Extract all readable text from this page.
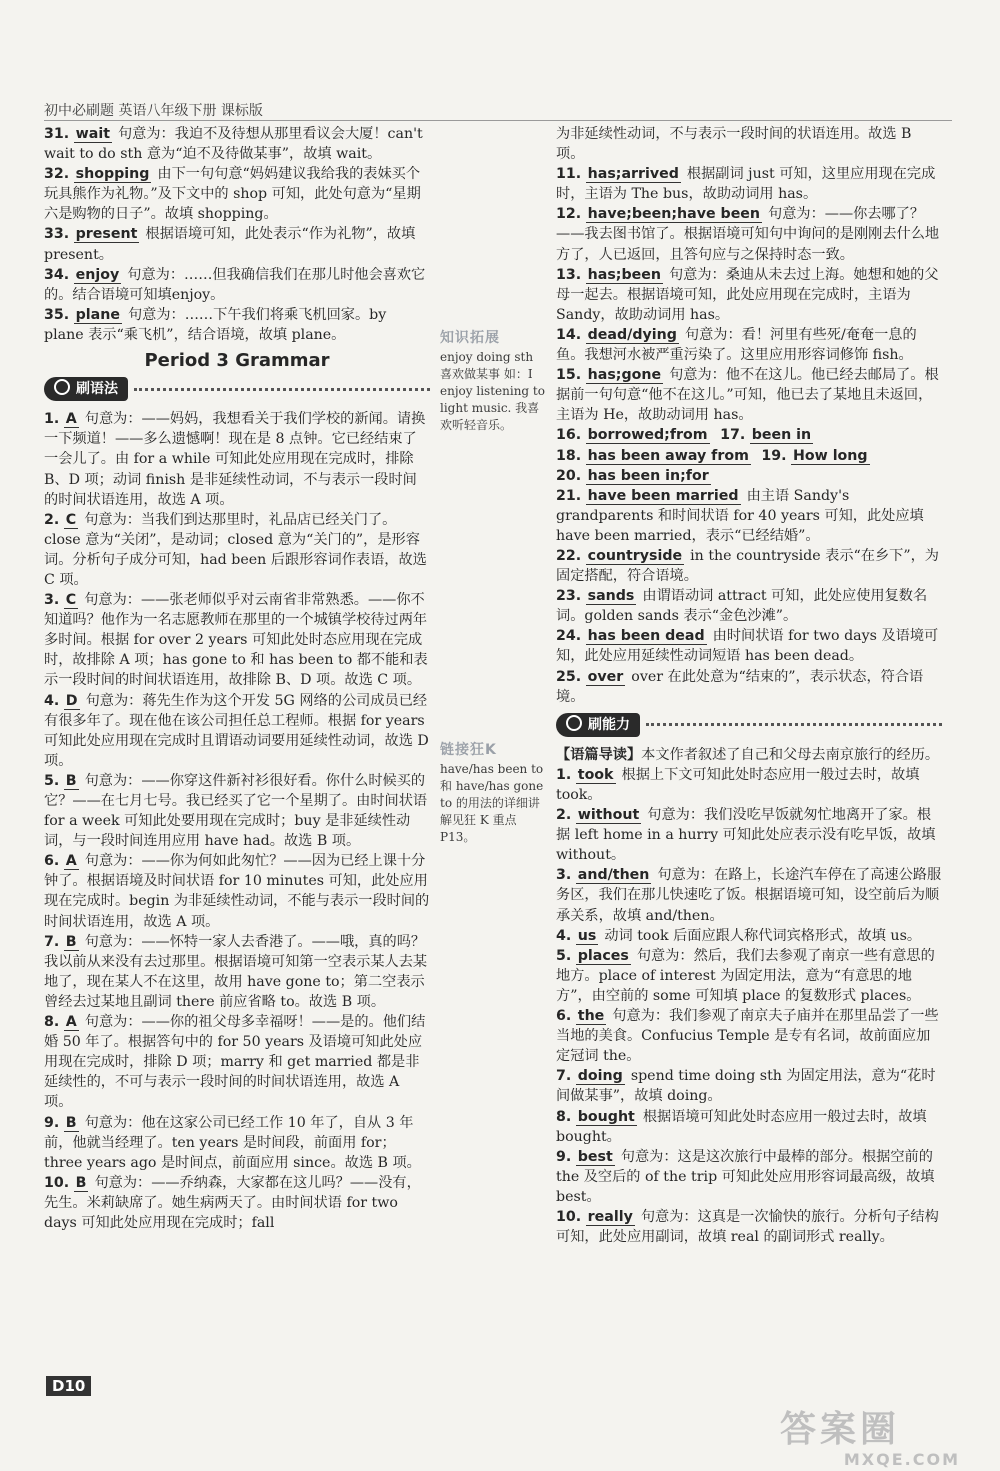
初中必刷题 英语八年级下册 课标版
31. wait 句意为：我迫不及待想从那里看议会大厦！can't wait to do sth 意为“迫不及待做某事”，故填 wait。
32. shopping 由下一句句意“妈妈建议我给我的表妹买个玩具熊作为礼物。”及下文中的 shop 可知，此处句意为“星期六是购物的日子”。故填 shopping。
33. present 根据语境可知，此处表示“作为礼物”，故填 present。
34. enjoy 句意为：……但我确信我们在那儿时他会喜欢它的。结合语境可知填enjoy。
35. plane 句意为：……下午我们将乘飞机回家。by plane 表示“乘飞机”，结合语境，故填 plane。
Period 3 Grammar
刷语法
1. A 句意为：——妈妈，我想看关于我们学校的新闻。请换一下频道！——多么遗憾啊！现在是 8 点钟。它已经结束了一会儿了。由 for a while 可知此处应用现在完成时，排除 B、D 项；动词 finish 是非延续性动词，不与表示一段时间的时间状语连用，故选 A 项。
2. C 句意为：当我们到达那里时，礼品店已经关门了。close 意为“关闭”，是动词；closed 意为“关门的”，是形容词。分析句子成分可知，had been 后跟形容词作表语，故选 C 项。
3. C 句意为：——张老师似乎对云南省非常熟悉。——你不知道吗？他作为一名志愿教师在那里的一个城镇学校待过两年多时间。根据 for over 2 years 可知此处时态应用现在完成时，故排除 A 项；has gone to 和 has been to 都不能和表示一段时间的时间状语连用，故排除 B、D 项。故选 C 项。
4. D 句意为：蒋先生作为这个开发 5G 网络的公司成员已经有很多年了。现在他在该公司担任总工程师。根据 for years 可知此处应用现在完成时且谓语动词要用延续性动词，故选 D 项。
5. B 句意为：——你穿这件新衬衫很好看。你什么时候买的它？——在七月七号。我已经买了它一个星期了。由时间状语 for a week 可知此处要用现在完成时；buy 是非延续性动词，与一段时间连用应用 have had。故选 B 项。
6. A 句意为：——你为何如此匆忙？——因为已经上课十分钟了。根据语境及时间状语 for 10 minutes 可知，此处应用现在完成时。begin 为非延续性动词，不能与表示一段时间的时间状语连用，故选 A 项。
7. B 句意为：——怀特一家人去香港了。——哦，真的吗？我以前从来没有去过那里。根据语境可知第一空表示某人去某地了，现在某人不在这里，故用 have gone to；第二空表示曾经去过某地且副词 there 前应省略 to。故选 B 项。
8. A 句意为：——你的祖父母多幸福呀！——是的。他们结婚 50 年了。根据答句中的 for 50 years 及语境可知此处应用现在完成时，排除 D 项；marry 和 get married 都是非延续性的，不可与表示一段时间的时间状语连用，故选 A 项。
9. B 句意为：他在这家公司已经工作 10 年了，自从 3 年前，他就当经理了。ten years 是时间段，前面用 for；three years ago 是时间点，前面应用 since。故选 B 项。
10. B 句意为：——乔纳森，大家都在这儿吗？——没有，先生。米莉缺席了。她生病两天了。由时间状语 for two days 可知此处应用现在完成时；fall
知识拓展
enjoy doing sth 喜欢做某事 如：I enjoy listening to light music. 我喜欢听轻音乐。
链接狂K
have/has been to 和 have/has gone to 的用法的详细讲解见狂 K 重点 P13。
为非延续性动词，不与表示一段时间的状语连用。故选 B 项。
11. has;arrived 根据副词 just 可知，这里应用现在完成时，主语为 The bus，故助动词用 has。
12. have;been;have been 句意为：——你去哪了？——我去图书馆了。根据语境可知句中询问的是刚刚去什么地方了，人已返回，且答句应与之保持时态一致。
13. has;been 句意为：桑迪从未去过上海。她想和她的父母一起去。根据语境可知，此处应用现在完成时，主语为 Sandy，故助动词用 has。
14. dead/dying 句意为：看！河里有些死/奄奄一息的鱼。我想河水被严重污染了。这里应用形容词修饰 fish。
15. has;gone 句意为：他不在这儿。他已经去邮局了。根据前一句句意“他不在这儿。”可知，他已去了某地且未返回，主语为 He，故助动词用 has。
16. borrowed;from 17. been in
18. has been away from 19. How long
20. has been in;for
21. have been married 由主语 Sandy's grandparents 和时间状语 for 40 years 可知，此处应填 have been married，表示“已经结婚”。
22. countryside in the countryside 表示“在乡下”，为固定搭配，符合语境。
23. sands 由谓语动词 attract 可知，此处应使用复数名词。golden sands 表示“金色沙滩”。
24. has been dead 由时间状语 for two days 及语境可知，此处应用延续性动词短语 has been dead。
25. over over 在此处意为“结束的”，表示状态，符合语境。
刷能力
【语篇导读】本文作者叙述了自己和父母去南京旅行的经历。
1. took 根据上下文可知此处时态应用一般过去时，故填 took。
2. without 句意为：我们没吃早饭就匆忙地离开了家。根据 left home in a hurry 可知此处应表示没有吃早饭，故填 without。
3. and/then 句意为：在路上，长途汽车停在了高速公路服务区，我们在那儿快速吃了饭。根据语境可知，设空前后为顺承关系，故填 and/then。
4. us 动词 took 后面应跟人称代词宾格形式，故填 us。
5. places 句意为：然后，我们去参观了南京一些有意思的地方。place of interest 为固定用法，意为“有意思的地方”，由空前的 some 可知填 place 的复数形式 places。
6. the 句意为：我们参观了南京夫子庙并在那里品尝了一些当地的美食。Confucius Temple 是专有名词，故前面应加定冠词 the。
7. doing spend time doing sth 为固定用法，意为“花时间做某事”，故填 doing。
8. bought 根据语境可知此处时态应用一般过去时，故填 bought。
9. best 句意为：这是这次旅行中最棒的部分。根据空前的 the 及空后的 of the trip 可知此处应用形容词最高级，故填 best。
10. really 句意为：这真是一次愉快的旅行。分析句子结构可知，此处应用副词，故填 real 的副词形式 really。
D10
答案圈
MXQE.COM
